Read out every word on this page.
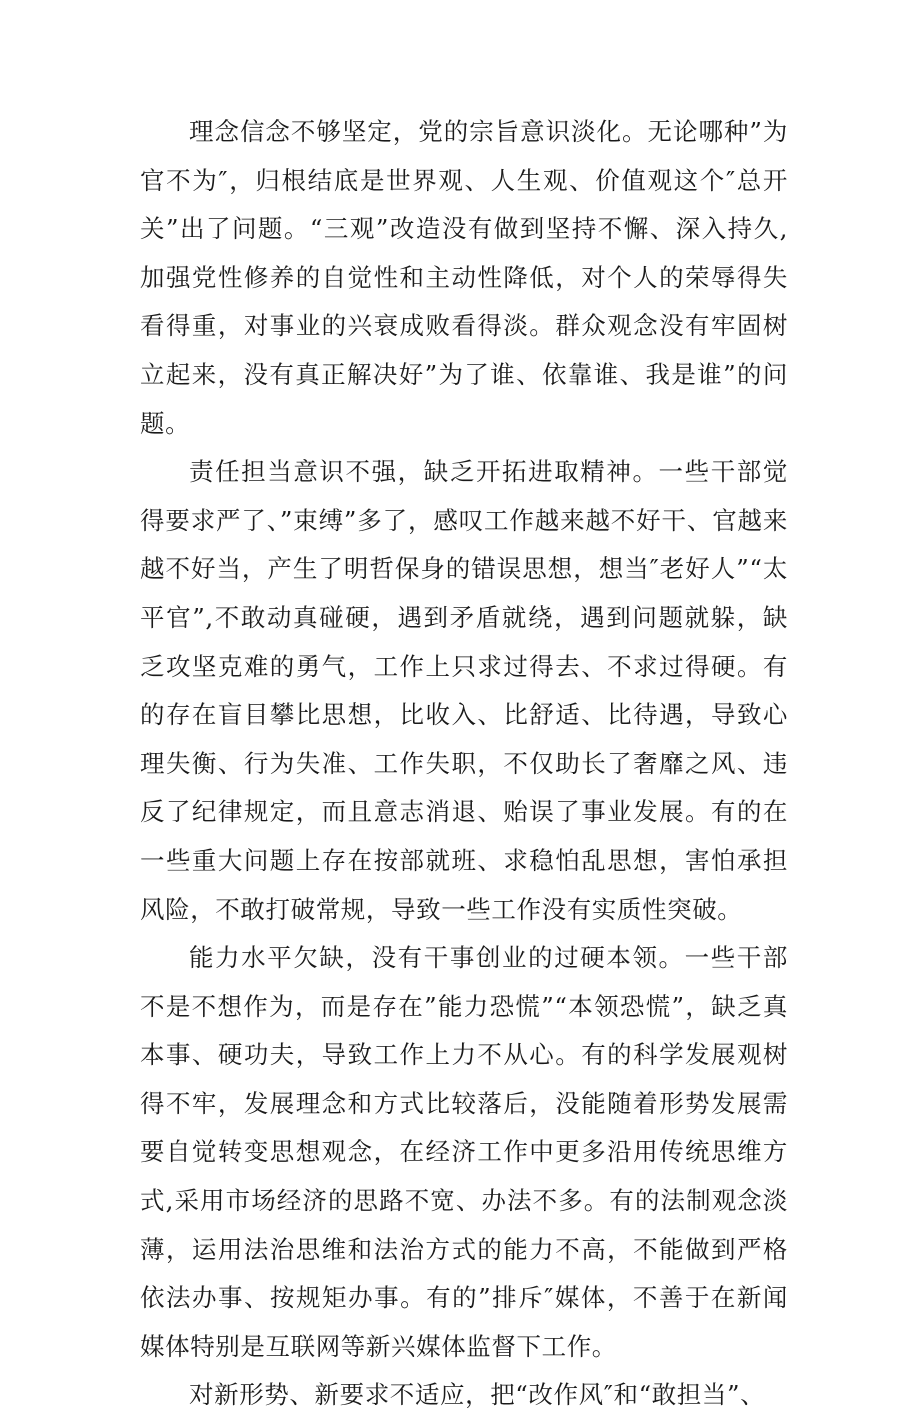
理念信念不够坚定，党的宗旨意识淡化。无论哪种”为官不为″，归根结底是世界观、人生观、价值观这个″总开关”出了问题。“三观”改造没有做到坚持不懈、深入持久,加强党性修养的自觉性和主动性降低，对个人的荣辱得失看得重，对事业的兴衰成败看得淡。群众观念没有牢固树立起来，没有真正解决好”为了谁、依靠谁、我是谁”的问题。

责任担当意识不强，缺乏开拓进取精神。一些干部觉得要求严了、”束缚”多了，感叹工作越来越不好干、官越来越不好当，产生了明哲保身的错误思想，想当″老好人”“太平官”,不敢动真碰硬，遇到矛盾就绕，遇到问题就躲，缺乏攻坚克难的勇气，工作上只求过得去、不求过得硬。有的存在盲目攀比思想，比收入、比舒适、比待遇，导致心理失衡、行为失准、工作失职，不仅助长了奢靡之风、违反了纪律规定，而且意志消退、贻误了事业发展。有的在一些重大问题上存在按部就班、求稳怕乱思想，害怕承担风险，不敢打破常规，导致一些工作没有实质性突破。

能力水平欠缺，没有干事创业的过硬本领。一些干部不是不想作为，而是存在”能力恐慌”“本领恐慌”，缺乏真本事、硬功夫，导致工作上力不从心。有的科学发展观树得不牢，发展理念和方式比较落后，没能随着形势发展需要自觉转变思想观念，在经济工作中更多沿用传统思维方式,采用市场经济的思路不宽、办法不多。有的法制观念淡薄，运用法治思维和法治方式的能力不高，不能做到严格依法办事、按规矩办事。有的”排斥″媒体，不善于在新闻媒体特别是互联网等新兴媒体监督下工作。

对新形势、新要求不适应，把“改作风″和“敢担当”、
